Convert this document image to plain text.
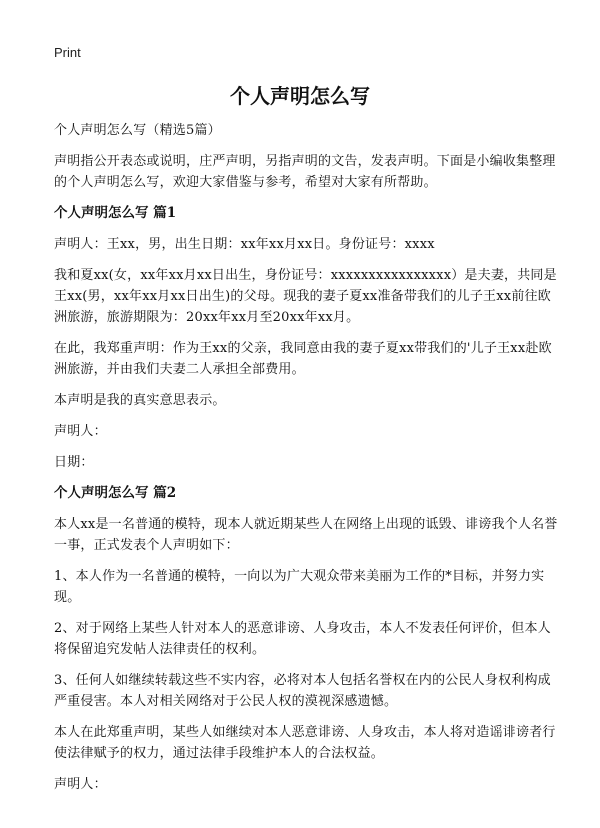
Print
个人声明怎么写

个人声明怎么写（精选5篇）

声明指公开表态或说明，庄严声明，另指声明的文告，发表声明。下面是小编收集整理的个人声明怎么写，欢迎大家借鉴与参考，希望对大家有所帮助。

个人声明怎么写 篇1

声明人：王xx，男，出生日期：xx年xx月xx日。身份证号：xxxx

我和夏xx(女，xx年xx月xx日出生，身份证号：xxxxxxxxxxxxxxxx）是夫妻，共同是王xx(男，xx年xx月xx日出生)的父母。现我的妻子夏xx准备带我们的儿子王xx前往欧洲旅游，旅游期限为：20xx年xx月至20xx年xx月。

在此，我郑重声明：作为王xx的父亲，我同意由我的妻子夏xx带我们的'儿子王xx赴欧洲旅游，并由我们夫妻二人承担全部费用。

本声明是我的真实意思表示。

声明人：

日期：

个人声明怎么写 篇2

本人xx是一名普通的模特，现本人就近期某些人在网络上出现的诋毁、诽谤我个人名誉一事，正式发表个人声明如下：

1、本人作为一名普通的模特，一向以为广大观众带来美丽为工作的*目标，并努力实现。

2、对于网络上某些人针对本人的恶意诽谤、人身攻击，本人不发表任何评价，但本人将保留追究发帖人法律责任的权利。

3、任何人如继续转载这些不实内容，必将对本人包括名誉权在内的公民人身权利构成严重侵害。本人对相关网络对于公民人权的漠视深感遗憾。

本人在此郑重声明，某些人如继续对本人恶意诽谤、人身攻击，本人将对造谣诽谤者行使法律赋予的权力，通过法律手段维护本人的合法权益。

声明人：
